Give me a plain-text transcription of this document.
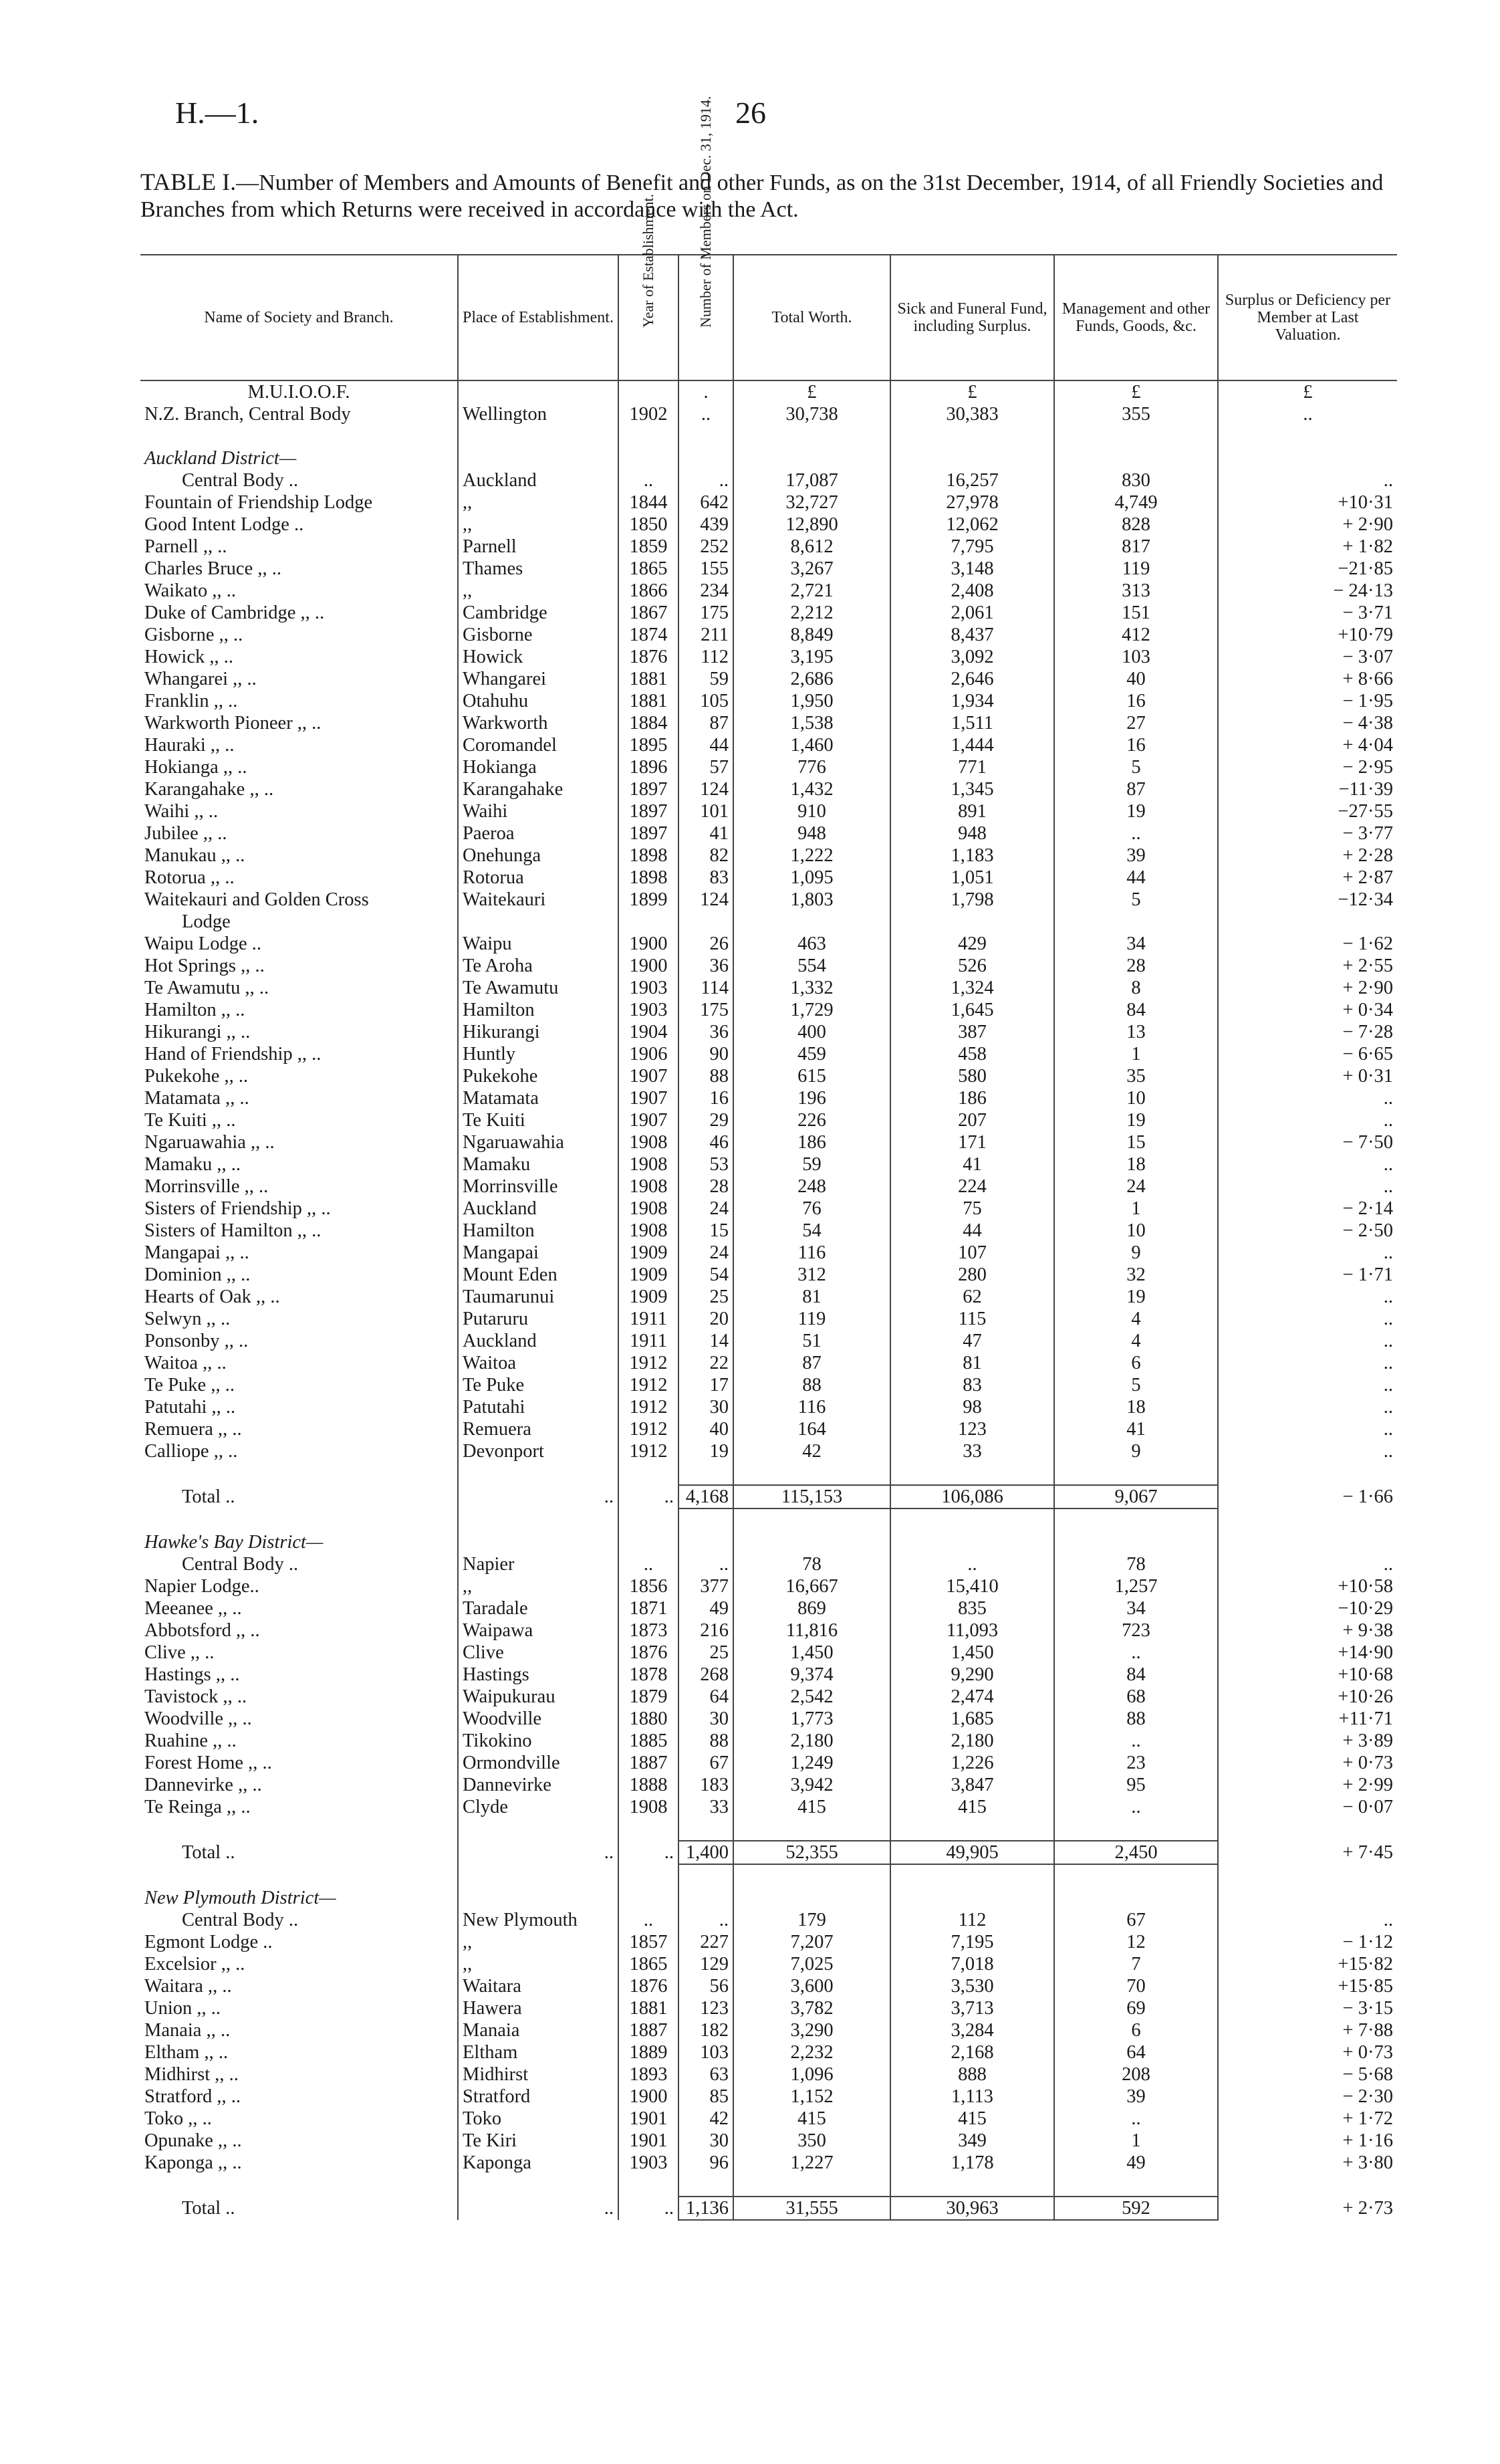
H.—1.	26
TABLE I.—Number of Members and Amounts of Benefit and other Funds, as on the 31st December, 1914, of all Friendly Societies and Branches from which Returns were received in accordance with the Act.
Name of Society and Branch.	Place of Establishment.	Year of Establishment.	Number of Members on Dec. 31, 1914.	Total Worth.	Sick and Funeral Fund, including Surplus.	Management and other Funds, Goods, &c.	Surplus or Deficiency per Member at Last Valuation.
M.U.I.O.O.F.			.	£	£	£	£
N.Z. Branch, Central Body	Wellington	1902	..	30,738	30,383	355	..

Auckland District—							
Central Body ..	Auckland	..	..	17,087	16,257	830	..
Fountain of Friendship Lodge	,,	1844	642	32,727	27,978	4,749	+10·31
Good Intent Lodge ..	,,	1850	439	12,890	12,062	828	+ 2·90
Parnell ,, ..	Parnell	1859	252	8,612	7,795	817	+ 1·82
Charles Bruce ,, ..	Thames	1865	155	3,267	3,148	119	−21·85
Waikato ,, ..	,,	1866	234	2,721	2,408	313	− 24·13
Duke of Cambridge ,, ..	Cambridge	1867	175	2,212	2,061	151	− 3·71
Gisborne ,, ..	Gisborne	1874	211	8,849	8,437	412	+10·79
Howick ,, ..	Howick	1876	112	3,195	3,092	103	− 3·07
Whangarei ,, ..	Whangarei	1881	59	2,686	2,646	40	+ 8·66
Franklin ,, ..	Otahuhu	1881	105	1,950	1,934	16	− 1·95
Warkworth Pioneer ,, ..	Warkworth	1884	87	1,538	1,511	27	− 4·38
Hauraki ,, ..	Coromandel	1895	44	1,460	1,444	16	+ 4·04
Hokianga ,, ..	Hokianga	1896	57	776	771	5	− 2·95
Karangahake ,, ..	Karangahake	1897	124	1,432	1,345	87	−11·39
Waihi ,, ..	Waihi	1897	101	910	891	19	−27·55
Jubilee ,, ..	Paeroa	1897	41	948	948	..	− 3·77
Manukau ,, ..	Onehunga	1898	82	1,222	1,183	39	+ 2·28
Rotorua ,, ..	Rotorua	1898	83	1,095	1,051	44	+ 2·87
Waitekauri and Golden Cross	Waitekauri	1899	124	1,803	1,798	5	−12·34
Lodge							
Waipu Lodge ..	Waipu	1900	26	463	429	34	− 1·62
Hot Springs ,, ..	Te Aroha	1900	36	554	526	28	+ 2·55
Te Awamutu ,, ..	Te Awamutu	1903	114	1,332	1,324	8	+ 2·90
Hamilton ,, ..	Hamilton	1903	175	1,729	1,645	84	+ 0·34
Hikurangi ,, ..	Hikurangi	1904	36	400	387	13	− 7·28
Hand of Friendship ,, ..	Huntly	1906	90	459	458	1	− 6·65
Pukekohe ,, ..	Pukekohe	1907	88	615	580	35	+ 0·31
Matamata ,, ..	Matamata	1907	16	196	186	10	..
Te Kuiti ,, ..	Te Kuiti	1907	29	226	207	19	..
Ngaruawahia ,, ..	Ngaruawahia	1908	46	186	171	15	− 7·50
Mamaku ,, ..	Mamaku	1908	53	59	41	18	..
Morrinsville ,, ..	Morrinsville	1908	28	248	224	24	..
Sisters of Friendship ,, ..	Auckland	1908	24	76	75	1	− 2·14
Sisters of Hamilton ,, ..	Hamilton	1908	15	54	44	10	− 2·50
Mangapai ,, ..	Mangapai	1909	24	116	107	9	..
Dominion ,, ..	Mount Eden	1909	54	312	280	32	− 1·71
Hearts of Oak ,, ..	Taumarunui	1909	25	81	62	19	..
Selwyn ,, ..	Putaruru	1911	20	119	115	4	..
Ponsonby ,, ..	Auckland	1911	14	51	47	4	..
Waitoa ,, ..	Waitoa	1912	22	87	81	6	..
Te Puke ,, ..	Te Puke	1912	17	88	83	5	..
Patutahi ,, ..	Patutahi	1912	30	116	98	18	..
Remuera ,, ..	Remuera	1912	40	164	123	41	..
Calliope ,, ..	Devonport	1912	19	42	33	9	..

Total ..	..	..	4,168	115,153	106,086	9,067	− 1·66

Hawke's Bay District—							
Central Body ..	Napier	..	..	78	..	78	..
Napier Lodge..	,,	1856	377	16,667	15,410	1,257	+10·58
Meeanee ,, ..	Taradale	1871	49	869	835	34	−10·29
Abbotsford ,, ..	Waipawa	1873	216	11,816	11,093	723	+ 9·38
Clive ,, ..	Clive	1876	25	1,450	1,450	..	+14·90
Hastings ,, ..	Hastings	1878	268	9,374	9,290	84	+10·68
Tavistock ,, ..	Waipukurau	1879	64	2,542	2,474	68	+10·26
Woodville ,, ..	Woodville	1880	30	1,773	1,685	88	+11·71
Ruahine ,, ..	Tikokino	1885	88	2,180	2,180	..	+ 3·89
Forest Home ,, ..	Ormondville	1887	67	1,249	1,226	23	+ 0·73
Dannevirke ,, ..	Dannevirke	1888	183	3,942	3,847	95	+ 2·99
Te Reinga ,, ..	Clyde	1908	33	415	415	..	− 0·07

Total ..	..	..	1,400	52,355	49,905	2,450	+ 7·45

New Plymouth District—							
Central Body ..	New Plymouth	..	..	179	112	67	..
Egmont Lodge ..	,,	1857	227	7,207	7,195	12	− 1·12
Excelsior ,, ..	,,	1865	129	7,025	7,018	7	+15·82
Waitara ,, ..	Waitara	1876	56	3,600	3,530	70	+15·85
Union ,, ..	Hawera	1881	123	3,782	3,713	69	− 3·15
Manaia ,, ..	Manaia	1887	182	3,290	3,284	6	+ 7·88
Eltham ,, ..	Eltham	1889	103	2,232	2,168	64	+ 0·73
Midhirst ,, ..	Midhirst	1893	63	1,096	888	208	− 5·68
Stratford ,, ..	Stratford	1900	85	1,152	1,113	39	− 2·30
Toko ,, ..	Toko	1901	42	415	415	..	+ 1·72
Opunake ,, ..	Te Kiri	1901	30	350	349	1	+ 1·16
Kaponga ,, ..	Kaponga	1903	96	1,227	1,178	49	+ 3·80

Total ..	..	..	1,136	31,555	30,963	592	+ 2·73
